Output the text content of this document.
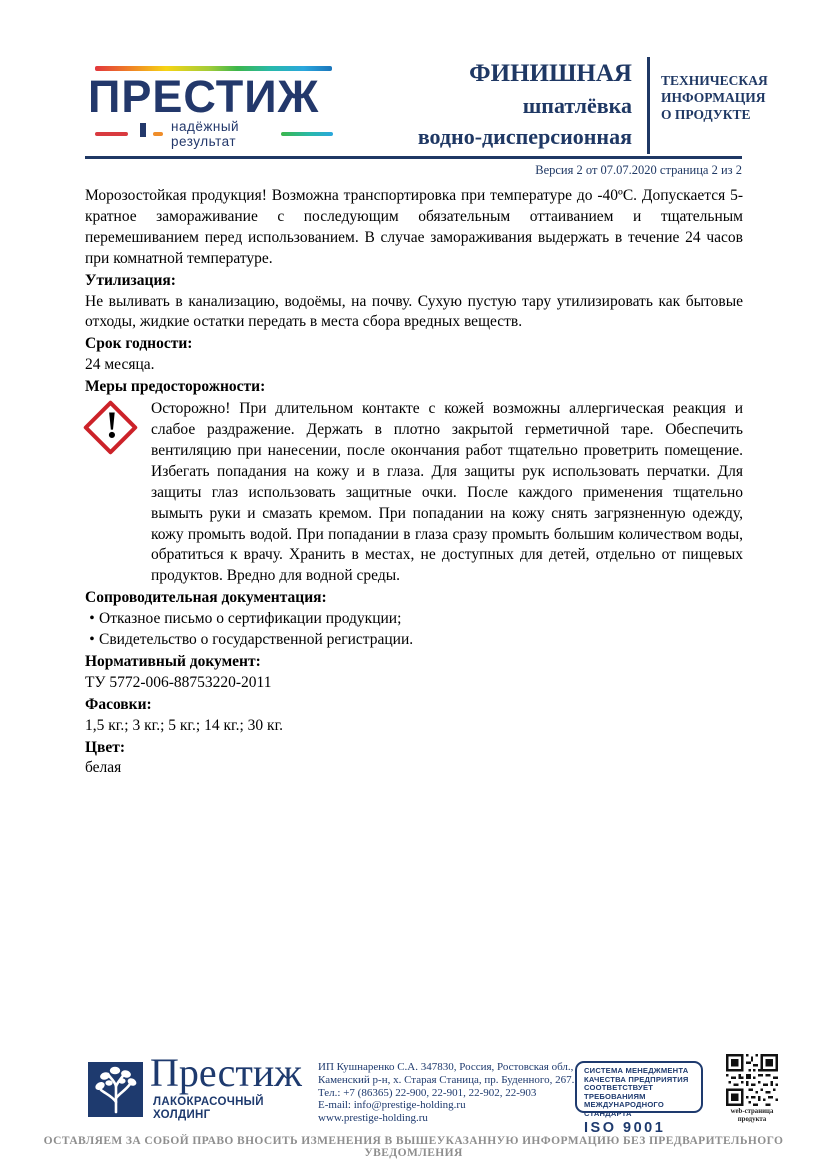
ПРЕСТИЖ
надёжный результат
ФИНИШНАЯ
шпатлёвка
водно-дисперсионная
ТЕХНИЧЕСКАЯ
ИНФОРМАЦИЯ
О ПРОДУКТЕ
Версия 2 от 07.07.2020 страница 2 из 2

Морозостойкая продукция! Возможна транспортировка при температуре до -40ºС. Допускается 5-кратное замораживание с последующим обязательным оттаиванием и тщательным перемешиванием перед использованием. В случае замораживания выдержать в течение 24 часов при комнатной температуре.

Утилизация:

Не выливать в канализацию, водоёмы, на почву. Сухую пустую тару утилизировать как бытовые отходы, жидкие остатки передать в места сбора вредных веществ.

Срок годности:
24 месяца.
Меры предосторожности:
!	Осторожно! При длительном контакте с кожей возможны аллергическая реакция и слабое раздражение. Держать в плотно закрытой герметичной таре. Обеспечить вентиляцию при нанесении, после окончания работ тщательно проветрить помещение. Избегать попадания на кожу и в глаза. Для защиты рук использовать перчатки. Для защиты глаз использовать защитные очки. После каждого применения тщательно вымыть руки и смазать кремом. При попадании на кожу снять загрязненную одежду, кожу промыть водой. При попадании в глаза сразу промыть большим количеством воды, обратиться к врачу. Хранить в местах, не доступных для детей, отдельно от пищевых продуктов. Вредно для водной среды.
Сопроводительная документация:
• Отказное письмо о сертификации продукции;
• Свидетельство о государственной регистрации.
Нормативный документ:
ТУ 5772-006-88753220-2011
Фасовки:
1,5 кг.; 3 кг.; 5 кг.; 14 кг.; 30 кг.
Цвет:
белая
Престиж
ЛАКОКРАСОЧНЫЙ
ХОЛДИНГ
ИП Кушнаренко С.А. 347830, Россия, Ростовская обл.,
Каменский р-н, х. Старая Станица, пр. Буденного, 267.
Тел.: +7 (86365) 22-900, 22-901, 22-902, 22-903
E-mail: info@prestige-holding.ru
www.prestige-holding.ru
СИСТЕМА МЕНЕДЖМЕНТА
КАЧЕСТВА ПРЕДПРИЯТИЯ
СООТВЕТСТВУЕТ ТРЕБОВАНИЯМ
МЕЖДУНАРОДНОГО СТАНДАРТА
ISO 9001
web-страница
продукта
ОСТАВЛЯЕМ ЗА СОБОЙ ПРАВО ВНОСИТЬ ИЗМЕНЕНИЯ В ВЫШЕУКАЗАННУЮ ИНФОРМАЦИЮ БЕЗ ПРЕДВАРИТЕЛЬНОГО УВЕДОМЛЕНИЯ
